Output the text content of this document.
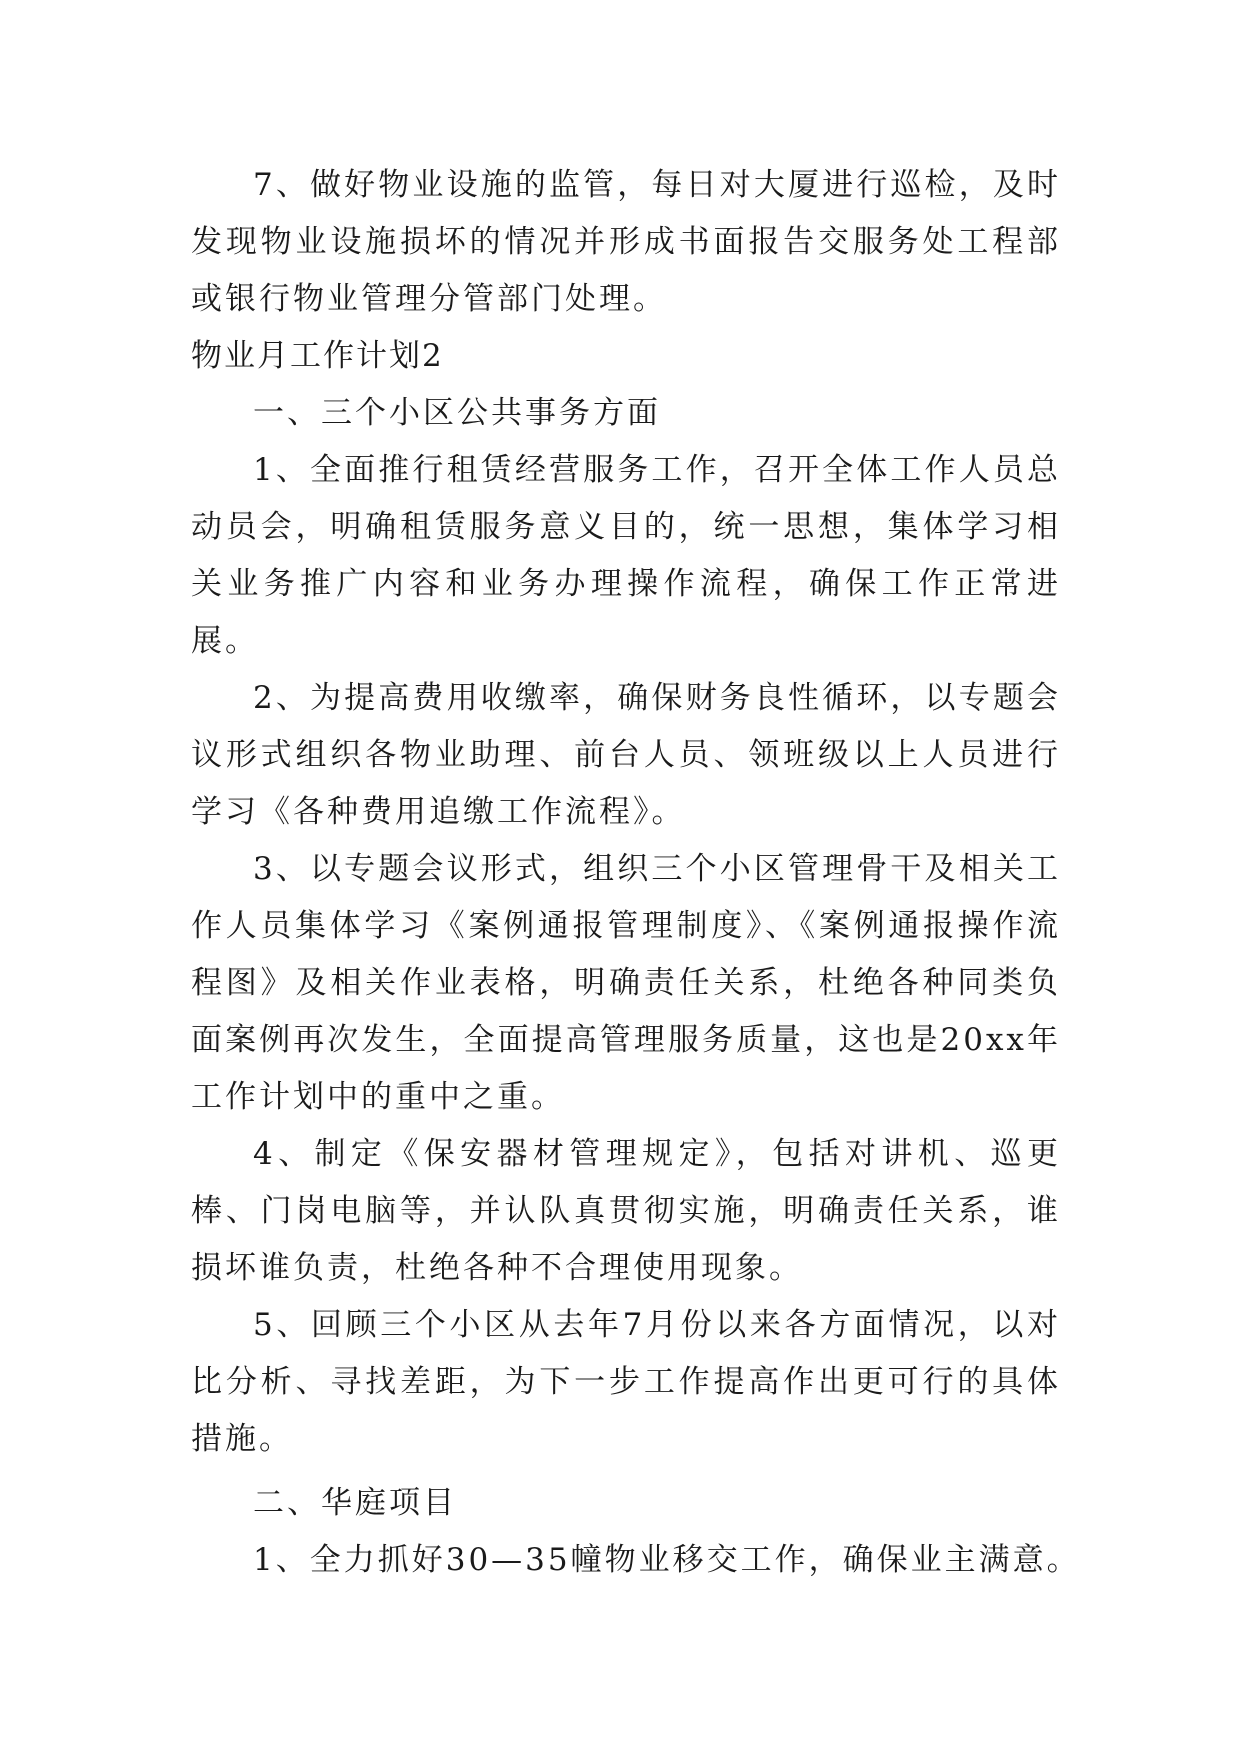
7、做好物业设施的监管，每日对大厦进行巡检，及时发现物业设施损坏的情况并形成书面报告交服务处工程部或银行物业管理分管部门处理。

物业月工作计划2

一、三个小区公共事务方面

1、全面推行租赁经营服务工作，召开全体工作人员总动员会，明确租赁服务意义目的，统一思想，集体学习相关业务推广内容和业务办理操作流程，确保工作正常进展。

2、为提高费用收缴率，确保财务良性循环，以专题会议形式组织各物业助理、前台人员、领班级以上人员进行学习《各种费用追缴工作流程》。

3、以专题会议形式，组织三个小区管理骨干及相关工作人员集体学习《案例通报管理制度》、《案例通报操作流程图》及相关作业表格，明确责任关系，杜绝各种同类负面案例再次发生，全面提高管理服务质量，这也是20xx年工作计划中的重中之重。

4、制定《保安器材管理规定》，包括对讲机、巡更棒、门岗电脑等，并认队真贯彻实施，明确责任关系，谁损坏谁负责，杜绝各种不合理使用现象。

5、回顾三个小区从去年7月份以来各方面情况，以对比分析、寻找差距，为下一步工作提高作出更可行的具体措施。

二、华庭项目

1、全力抓好30—35幢物业移交工作，确保业主满意。
